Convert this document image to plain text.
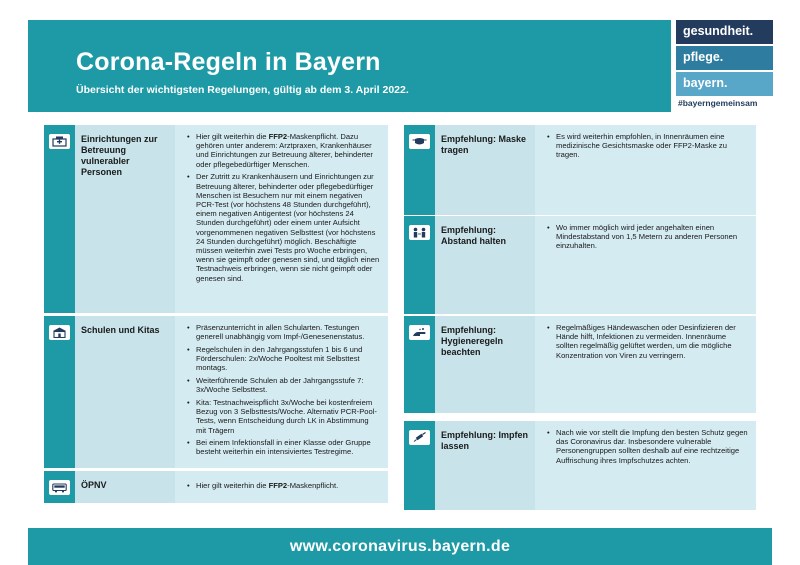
Corona-Regeln in Bayern
Übersicht der wichtigsten Regelungen, gültig ab dem 3. April 2022.
gesundheit.
pflege.
bayern.
#bayerngemeinsam
Einrichtungen zur Betreuung vulnerabler Personen
• Hier gilt weiterhin die FFP2-Maskenpflicht. Dazu gehören unter anderem: Arztpraxen, Krankenhäuser und Einrichtungen zur Betreuung älterer, behinderter oder pflegebedürftiger Menschen.
• Der Zutritt zu Krankenhäusern und Einrichtungen zur Betreuung älterer, behinderter oder pflegebedürftiger Menschen ist Besuchern nur mit einem negativen PCR-Test (vor höchstens 48 Stunden durchgeführt), einem negativen Antigentest (vor höchstens 24 Stunden durchgeführt) oder einem unter Aufsicht vorgenommenen negativen Selbsttest (vor höchstens 24 Stunden durchgeführt) möglich. Beschäftigte müssen weiterhin zwei Tests pro Woche erbringen, wenn sie geimpft oder genesen sind, und täglich einen Testnachweis erbringen, wenn sie nicht geimpft oder genesen sind.
Schulen und Kitas	• Präsenzunterricht in allen Schularten. Testungen generell unabhängig vom Impf-/Genesenenstatus.
• Regelschulen in den Jahrgangsstufen 1 bis 6 und Förderschulen: 2x/Woche Pooltest mit Selbsttest montags.
• Weiterführende Schulen ab der Jahrgangsstufe 7: 3x/Woche Selbsttest.
• Kita: Testnachweispflicht 3x/Woche bei kostenfreiem Bezug von 3 Selbsttests/Woche. Alternativ PCR-Pool-Tests, wenn Entscheidung durch LK in Abstimmung mit Trägern
• Bei einem Infektionsfall in einer Klasse oder Gruppe besteht weiterhin ein intensiviertes Testregime.
ÖPNV	• Hier gilt weiterhin die FFP2-Maskenpflicht.
Empfehlung: Maske tragen
• Es wird weiterhin empfohlen, in Innenräumen eine medizinische Gesichtsmaske oder FFP2-Maske zu tragen.
Empfehlung: Abstand halten
• Wo immer möglich wird jeder angehalten einen Mindestabstand von 1,5 Metern zu anderen Personen einzuhalten.
Empfehlung: Hygieneregeln beachten
• Regelmäßiges Händewaschen oder Desinfizieren der Hände hilft, Infektionen zu vermeiden. Innenräume sollten regelmäßig gelüftet werden, um die mögliche Konzentration von Viren zu verringern.
Empfehlung: Impfen lassen
• Nach wie vor stellt die Impfung den besten Schutz gegen das Coronavirus dar. Insbesondere vulnerable Personengruppen sollten deshalb auf eine rechtzeitige Auffrischung ihres Impfschutzes achten.
www.coronavirus.bayern.de
